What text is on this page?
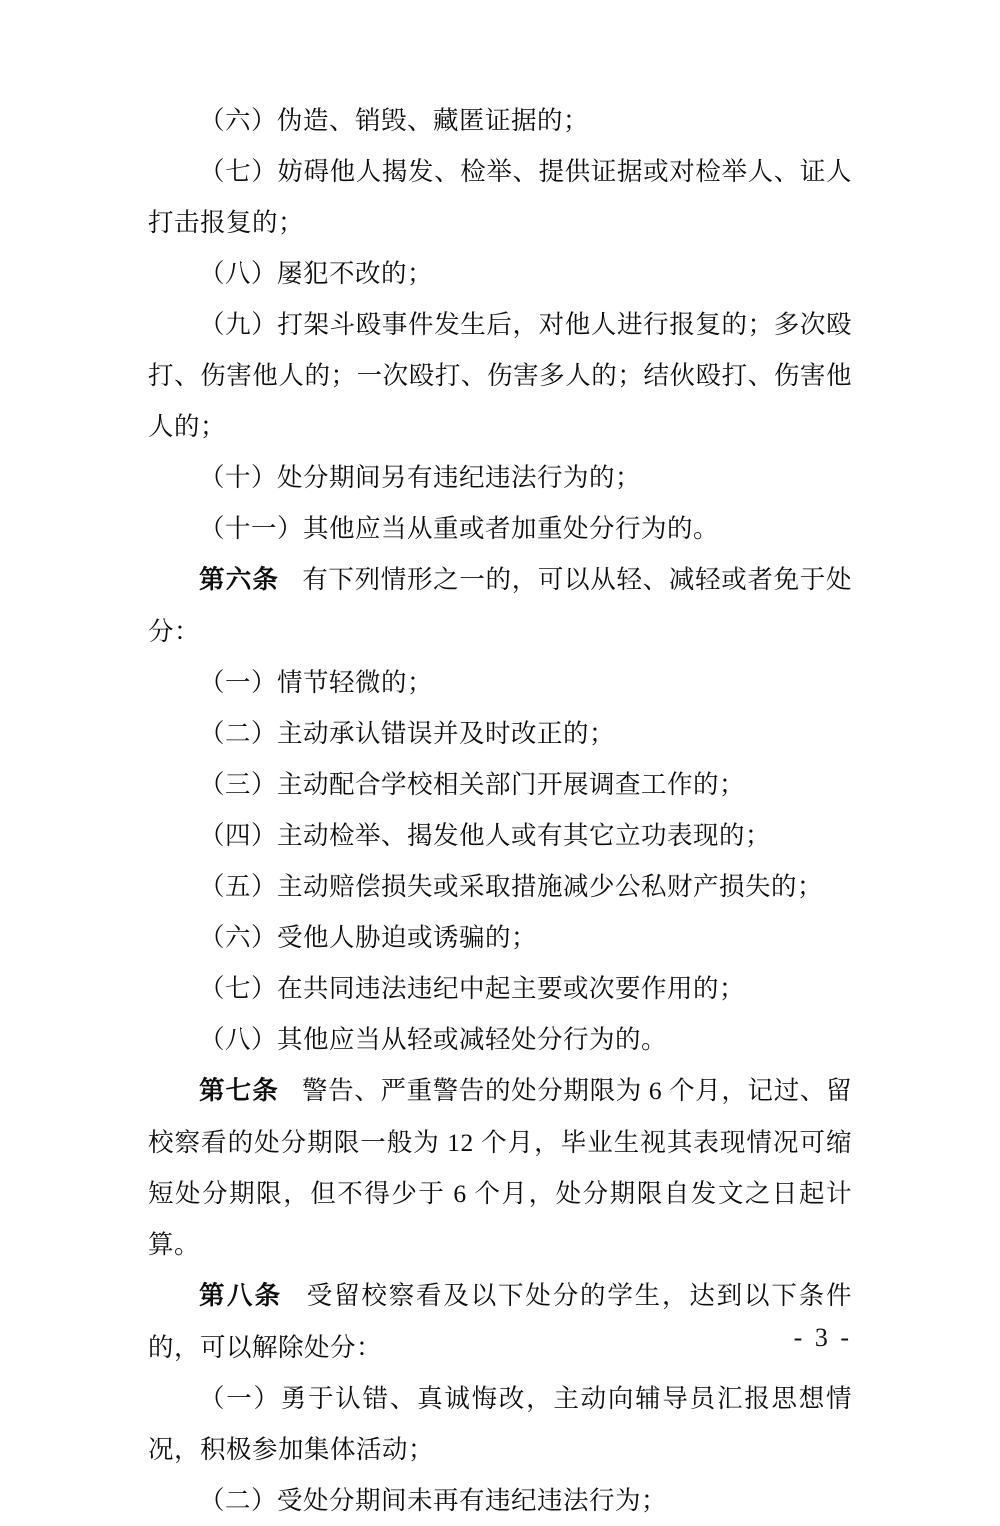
（六）伪造、销毁、藏匿证据的；

（七）妨碍他人揭发、检举、提供证据或对检举人、证人打击报复的；

（八）屡犯不改的；

（九）打架斗殴事件发生后，对他人进行报复的；多次殴打、伤害他人的；一次殴打、伤害多人的；结伙殴打、伤害他人的；

（十）处分期间另有违纪违法行为的；

（十一）其他应当从重或者加重处分行为的。

第六条 有下列情形之一的，可以从轻、减轻或者免于处分：

（一）情节轻微的；

（二）主动承认错误并及时改正的；

（三）主动配合学校相关部门开展调查工作的；

（四）主动检举、揭发他人或有其它立功表现的；

（五）主动赔偿损失或采取措施减少公私财产损失的；

（六）受他人胁迫或诱骗的；

（七）在共同违法违纪中起主要或次要作用的；

（八）其他应当从轻或减轻处分行为的。

第七条 警告、严重警告的处分期限为 6 个月，记过、留校察看的处分期限一般为 12 个月，毕业生视其表现情况可缩短处分期限，但不得少于 6 个月，处分期限自发文之日起计算。

第八条 受留校察看及以下处分的学生，达到以下条件的，可以解除处分：

（一）勇于认错、真诚悔改，主动向辅导员汇报思想情况，积极参加集体活动；

（二）受处分期间未再有违纪违法行为；

- 3 -
